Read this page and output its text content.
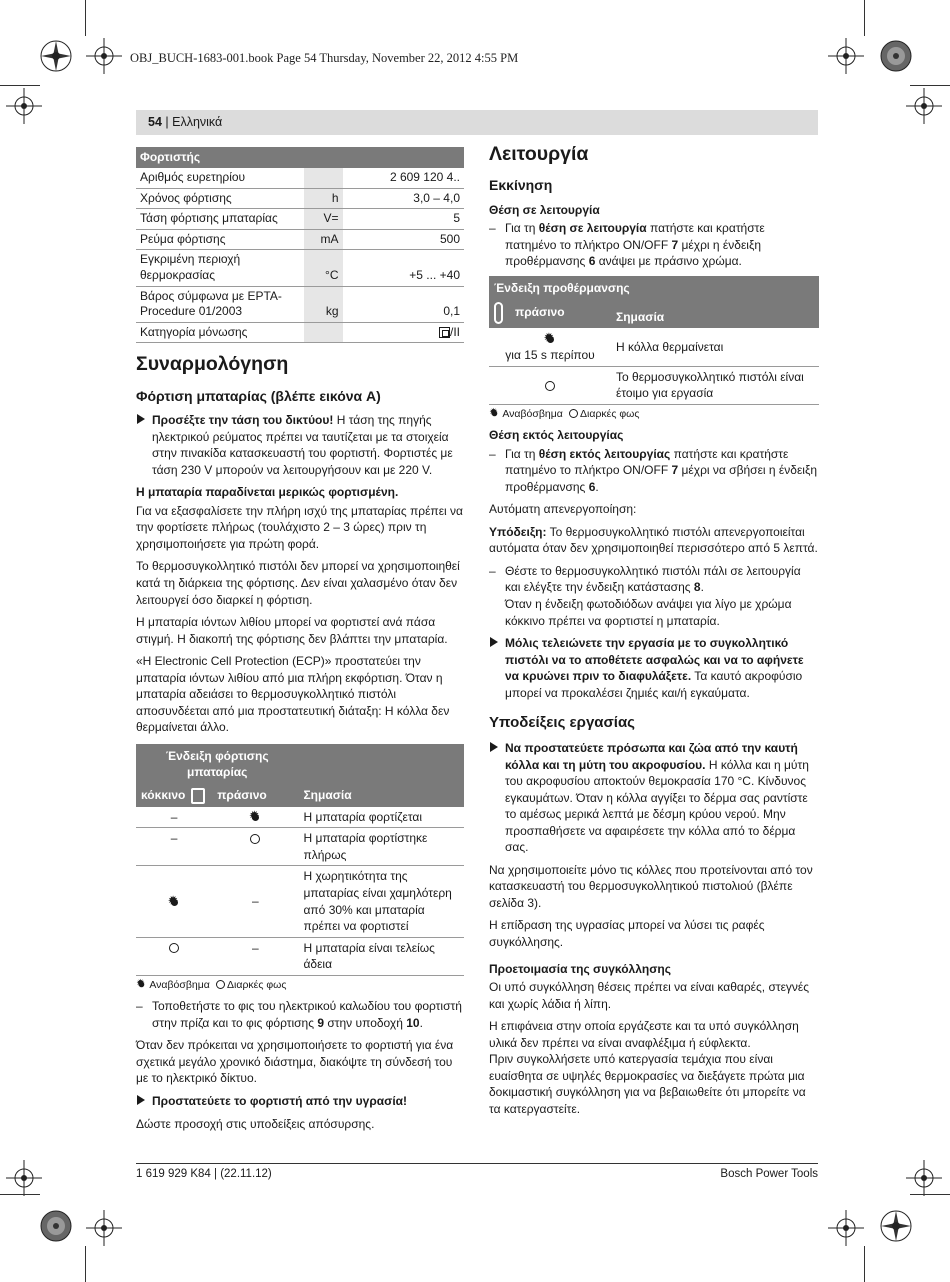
OBJ_BUCH-1683-001.book Page 54 Thursday, November 22, 2012 4:55 PM
54 | Ελληνικά
Φορτιστής		
Αριθμός ευρετηρίου		2 609 120 4..
Χρόνος φόρτισης	h	3,0 – 4,0
Τάση φόρτισης μπαταρίας	V=	5
Ρεύμα φόρτισης	mA	500
Εγκριμένη περιοχή θερμοκρασίας	°C	+5 ... +40
Βάρος σύμφωνα με EPTA-Procedure 01/2003	kg	0,1
Κατηγορία μόνωσης		/II
Συναρμολόγηση
Φόρτιση μπαταρίας (βλέπε εικόνα A)
Προσέξτε την τάση του δικτύου! Η τάση της πηγής ηλεκτρικού ρεύματος πρέπει να ταυτίζεται με τα στοιχεία στην πινακίδα κατασκευαστή του φορτιστή. Φορτιστές με τάση 230 V μπορούν να λειτουργήσουν και με 220 V.
Η μπαταρία παραδίνεται μερικώς φορτισμένη.

Για να εξασφαλίσετε την πλήρη ισχύ της μπαταρίας πρέπει να την φορτίσετε πλήρως (τουλάχιστο 2 – 3 ώρες) πριν τη χρησιμοποιήσετε για πρώτη φορά.

Το θερμοσυγκολλητικό πιστόλι δεν μπορεί να χρησιμοποιηθεί κατά τη διάρκεια της φόρτισης. Δεν είναι χαλασμένο όταν δεν λειτουργεί όσο διαρκεί η φόρτιση.

Η μπαταρία ιόντων λιθίου μπορεί να φορτιστεί ανά πάσα στιγμή. Η διακοπή της φόρτισης δεν βλάπτει την μπαταρία.

«Η Electronic Cell Protection (ECP)» προστατεύει την μπαταρία ιόντων λιθίου από μια πλήρη εκφόρτιση. Όταν η μπαταρία αδειάσει το θερμοσυγκολλητικό πιστόλι αποσυνδέεται από μια προστατευτική διάταξη: Η κόλλα δεν θερμαίνεται άλλο.

Ένδειξη φόρτισης μπαταρίας		
κόκκινο	πράσινο	Σημασία
–	✹	Η μπαταρία φορτίζεται
–		Η μπαταρία φορτίστηκε πλήρως
✹	–	Η χωρητικότητα της μπαταρίας είναι χαμηλότερη από 30% και μπαταρία πρέπει να φορτιστεί
	–	Η μπαταρία είναι τελείως άδεια
✹ Αναβόσβημα Διαρκές φως
– Τοποθετήστε το φις του ηλεκτρικού καλωδίου του φορτιστή στην πρίζα και το φις φόρτισης 9 στην υποδοχή 10.

Όταν δεν πρόκειται να χρησιμοποιήσετε το φορτιστή για ένα σχετικά μεγάλο χρονικό διάστημα, διακόψτε τη σύνδεσή του με το ηλεκτρικό δίκτυο.

Προστατεύετε το φορτιστή από την υγρασία!

Δώστε προσοχή στις υποδείξεις απόσυρσης.

Λειτουργία
Εκκίνηση
Θέση σε λειτουργία
– Για τη θέση σε λειτουργία πατήστε και κρατήστε πατημένο το πλήκτρο ON/OFF 7 μέχρι η ένδειξη προθέρμανσης 6 ανάψει με πράσινο χρώμα.
Ένδειξη προθέρμανσης	
πράσινο	Σημασία
✹
για 15 s περίπου	Η κόλλα θερμαίνεται
	Το θερμοσυγκολλητικό πιστόλι είναι έτοιμο για εργασία
✹ Αναβόσβημα Διαρκές φως
Θέση εκτός λειτουργίας
– Για τη θέση εκτός λειτουργίας πατήστε και κρατήστε πατημένο το πλήκτρο ON/OFF 7 μέχρι να σβήσει η ένδειξη προθέρμανσης 6.

Αυτόματη απενεργοποίηση:

Υπόδειξη: Το θερμοσυγκολλητικό πιστόλι απενεργοποιείται αυτόματα όταν δεν χρησιμοποιηθεί περισσότερο από 5 λεπτά.

– Θέστε το θερμοσυγκολλητικό πιστόλι πάλι σε λειτουργία και ελέγξτε την ένδειξη κατάστασης 8.
Όταν η ένδειξη φωτοδιόδων ανάψει για λίγο με χρώμα κόκκινο πρέπει να φορτιστεί η μπαταρία.
Μόλις τελειώνετε την εργασία με το συγκολλητικό πιστόλι να το αποθέτετε ασφαλώς και να το αφήνετε να κρυώνει πριν το διαφυλάξετε. Τα καυτό ακροφύσιο μπορεί να προκαλέσει ζημιές και/ή εγκαύματα.
Υποδείξεις εργασίας
Να προστατεύετε πρόσωπα και ζώα από την καυτή κόλλα και τη μύτη του ακροφυσίου. Η κόλλα και η μύτη του ακροφυσίου αποκτούν θεμοκρασία 170 °C. Κίνδυνος εγκαυμάτων. Όταν η κόλλα αγγίξει το δέρμα σας ραντίστε το αμέσως μερικά λεπτά με δέσμη κρύου νερού. Μην προσπαθήσετε να αφαιρέσετε την κόλλα από το δέρμα σας.

Να χρησιμοποιείτε μόνο τις κόλλες που προτείνονται από τον κατασκευαστή του θερμοσυγκολλητικού πιστολιού (βλέπε σελίδα 3).

Η επίδραση της υγρασίας μπορεί να λύσει τις ραφές συγκόλλησης.

Προετοιμασία της συγκόλλησης

Οι υπό συγκόλληση θέσεις πρέπει να είναι καθαρές, στεγνές και χωρίς λάδια ή λίπη.

Η επιφάνεια στην οποία εργάζεστε και τα υπό συγκόλληση υλικά δεν πρέπει να είναι αναφλέξιμα ή εύφλεκτα.

Πριν συγκολλήσετε υπό κατεργασία τεμάχια που είναι ευαίσθητα σε υψηλές θερμοκρασίες να διεξάγετε πρώτα μια δοκιμαστική συγκόλληση για να βεβαιωθείτε ότι μπορείτε να τα κατεργαστείτε.

1 619 929 K84 | (22.11.12)	Bosch Power Tools
